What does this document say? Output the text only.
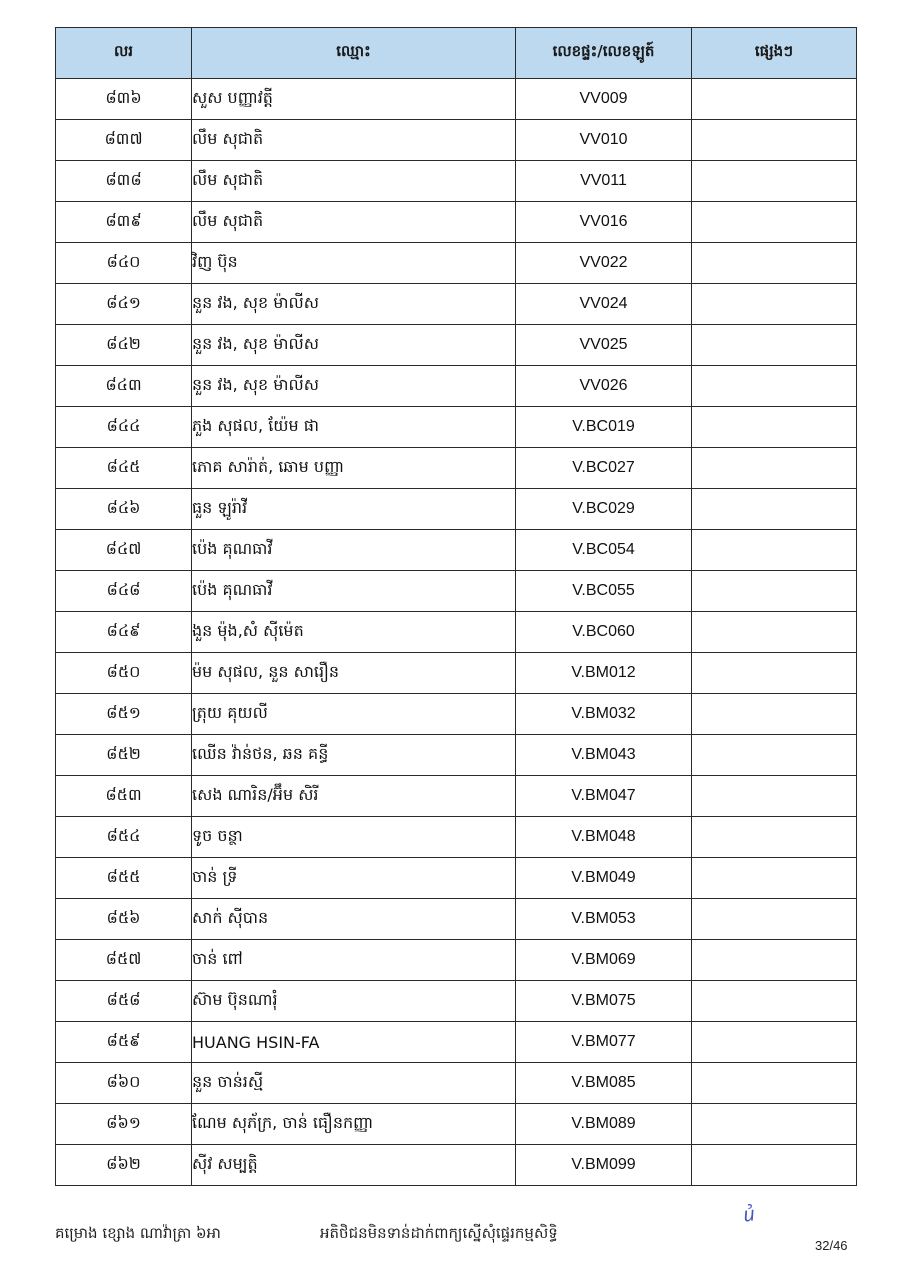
លរ	ឈ្មោះ	លេខផ្ទះ/លេខឡូត៍	ផ្សេងៗ
៨៣៦	សួស បញ្ញាវត្តី	VV009	
៨៣៧	លឹម សុជាតិ	VV010	
៨៣៨	លឹម សុជាតិ	VV011	
៨៣៩	លឹម សុជាតិ	VV016	
៨៤០	វិញ ប៊ុន	VV022	
៨៤១	នួន វង, សុខ ម៉ាលីស	VV024	
៨៤២	នួន វង, សុខ ម៉ាលីស	VV025	
៨៤៣	នួន វង, សុខ ម៉ាលីស	VV026	
៨៤៤	ភួង សុផល, យ៉ែម ផា	V.BC019	
៨៤៥	ភោគ សារ៉ាត់, ឆោម បញ្ញា	V.BC027	
៨៤៦	ធួន ឡូរ៉ាវី	V.BC029	
៨៤៧	ប៉េង គុណធាវី	V.BC054	
៨៤៨	ប៉េង គុណធាវី	V.BC055	
៨៤៩	ងួន ម៉ុង,សំ ស៊ីម៉េត	V.BC060	
៨៥០	ម៉ម សុផល, នួន សារឿន	V.BM012	
៨៥១	ត្រុយ គុយលី	V.BM032	
៨៥២	ឈើន វ៉ាន់ថន, ឆន គន្ធី	V.BM043	
៨៥៣	សេង ណារិន/អ៊ឹម សិរី	V.BM047	
៨៥៤	ទូច ចន្ថា	V.BM048	
៨៥៥	ចាន់ ទ្រី	V.BM049	
៨៥៦	សាក់ ស៊ីបាន	V.BM053	
៨៥៧	ចាន់ ពៅ	V.BM069	
៨៥៨	ស៊ាម ប៊ុនណារុំ	V.BM075	
៨៥៩	HUANG HSIN-FA	V.BM077	
៨៦០	នួន ចាន់រស្មី	V.BM085	
៨៦១	ណែម សុភ័ក្រ, ចាន់ ធឿនកញ្ញា	V.BM089	
៨៦២	ស៊ីវ សម្បត្តិ	V.BM099	
ꞿ
គម្រោង ខ្សោង ណាវ៉ាត្រា ៦អា	អតិថិជនមិនទាន់ដាក់ពាក្យស្នើសុំផ្ទេរកម្មសិទ្ធិ
32/46
